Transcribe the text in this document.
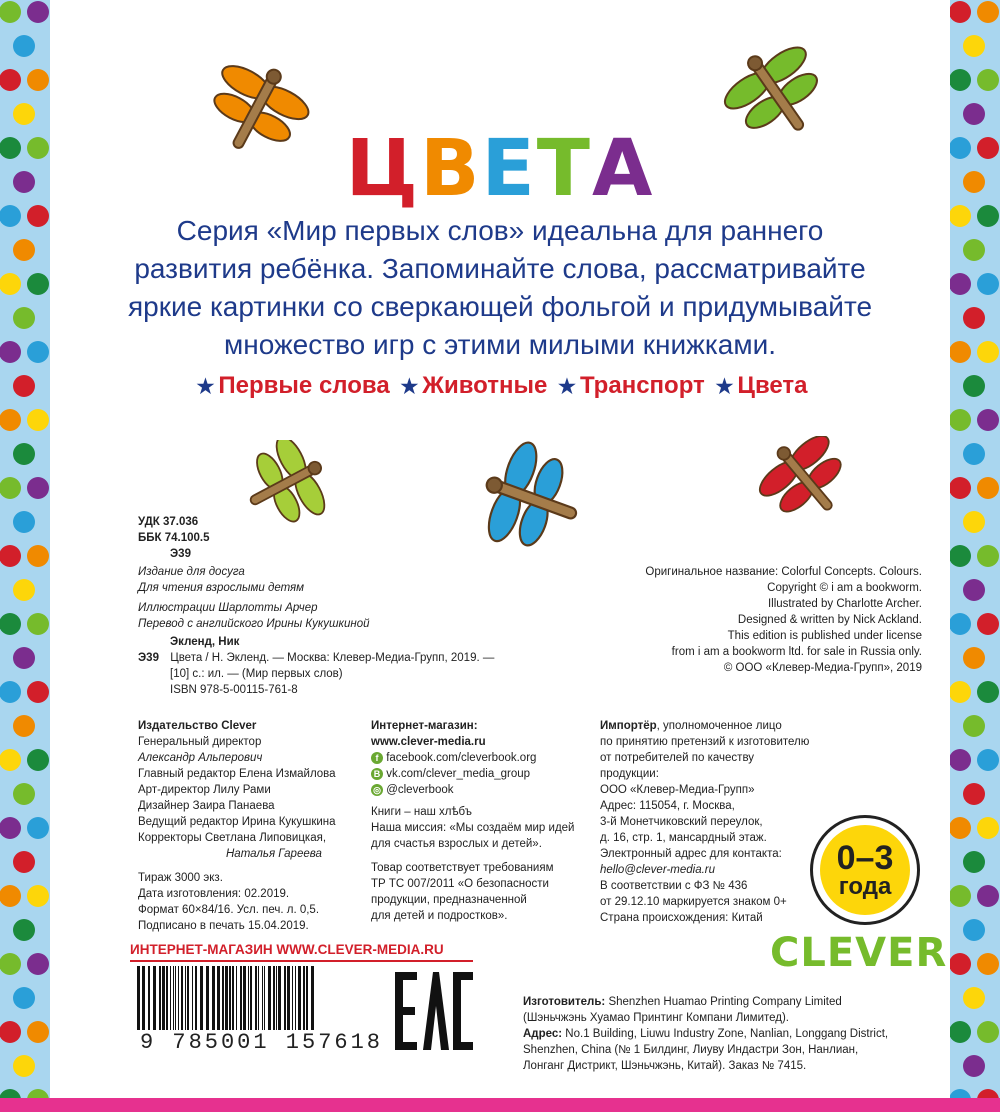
ЦВЕТА
Серия «Мир первых слов» идеальна для раннего развития ребёнка. Запоминайте слова, рассматривайте яркие картинки со сверкающей фольгой и придумывайте множество игр с этими милыми книжками.
★ Первые слова ★ Животные ★ Транспорт ★ Цвета

УДК 37.036

ББК 74.100.5

Э39

Издание для досуга

Для чтения взрослыми детям

Иллюстрации Шарлотты Арчер

Перевод с английского Ирины Кукушкиной

Экленд, Ник

Э39 Цвета / Н. Экленд. — Москва: Клевер-Медиа-Групп, 2019. —

[10] с.: ил. — (Мир первых слов)

ISBN 978-5-00115-761-8

Оригинальное название: Colorful Concepts. Colours.

Copyright © i am a bookworm.

Illustrated by Charlotte Archer.

Designed & written by Nick Ackland.

This edition is published under license

from i am a bookworm ltd. for sale in Russia only.

© ООО «Клевер-Медиа-Групп», 2019

Издательство Clever

Генеральный директор

Александр Альперович

Главный редактор Елена Измайлова

Арт-директор Лилу Рами

Дизайнер Заира Панаева

Ведущий редактор Ирина Кукушкина

Корректоры Светлана Липовицкая,

Наталья Гареева

Тираж 3000 экз.

Дата изготовления: 02.2019.

Формат 60×84/16. Усл. печ. л. 0,5.

Подписано в печать 15.04.2019.

Интернет-магазин:

www.clever-media.ru

f facebook.com/cleverbook.org

В vk.com/clever_media_group

◎ @cleverbook

Книги – наш хлѣбъ

Наша миссия: «Мы создаём мир идей

для счастья взрослых и детей».

Товар соответствует требованиям

ТР ТС 007/2011 «О безопасности

продукции, предназначенной

для детей и подростков».

Импортёр, уполномоченное лицо

по принятию претензий к изготовителю

от потребителей по качеству

продукции:

ООО «Клевер-Медиа-Групп»

Адрес: 115054, г. Москва,

3-й Монетчиковский переулок,

д. 16, стр. 1, мансардный этаж.

Электронный адрес для контакта:

hello@clever-media.ru

В соответствии с ФЗ № 436

от 29.12.10 маркируется знаком 0+

Страна происхождения: Китай

0–3
года
CLEVER
ИНТЕРНЕТ-МАГАЗИН WWW.CLEVER-MEDIA.RU
9 785001 157618

Изготовитель: Shenzhen Huamao Printing Company Limited

(Шэньчжэнь Хуамао Принтинг Компани Лимитед).

Адрес: No.1 Building, Liuwu Industry Zone, Nanlian, Longgang District,

Shenzhen, China (№ 1 Билдинг, Лиуву Индастри Зон, Нанлиан,

Лонганг Дистрикт, Шэньчжэнь, Китай). Заказ № 7415.
